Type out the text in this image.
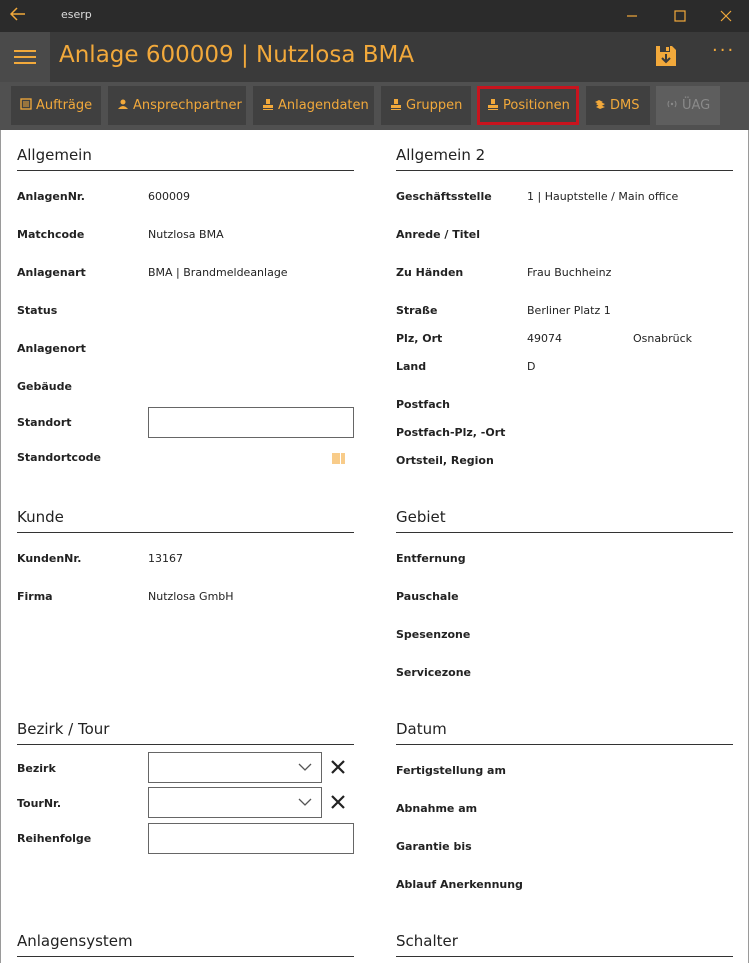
eserp
Anlage 600009 | Nutzlosa BMA	···
Aufträge	Ansprechpartner	Anlagendaten	Gruppen	Positionen	DMS	ÜAG
Allgemein
AnlagenNr.	600009
Matchcode	Nutzlosa BMA
Anlagenart	BMA | Brandmeldeanlage
Status
Anlagenort
Gebäude
Standort
Standortcode
Allgemein 2
Geschäftsstelle	1 | Hauptstelle / Main office
Anrede / Titel
Zu Händen	Frau Buchheinz
Straße	Berliner Platz 1
Plz, Ort	49074	Osnabrück
Land	D
Postfach
Postfach-Plz, -Ort
Ortsteil, Region
Kunde
KundenNr.	13167
Firma	Nutzlosa GmbH
Gebiet
Entfernung
Pauschale
Spesenzone
Servicezone
Bezirk / Tour
Bezirk
TourNr.
Reihenfolge
Datum
Fertigstellung am
Abnahme am
Garantie bis
Ablauf Anerkennung
Anlagensystem	Schalter
